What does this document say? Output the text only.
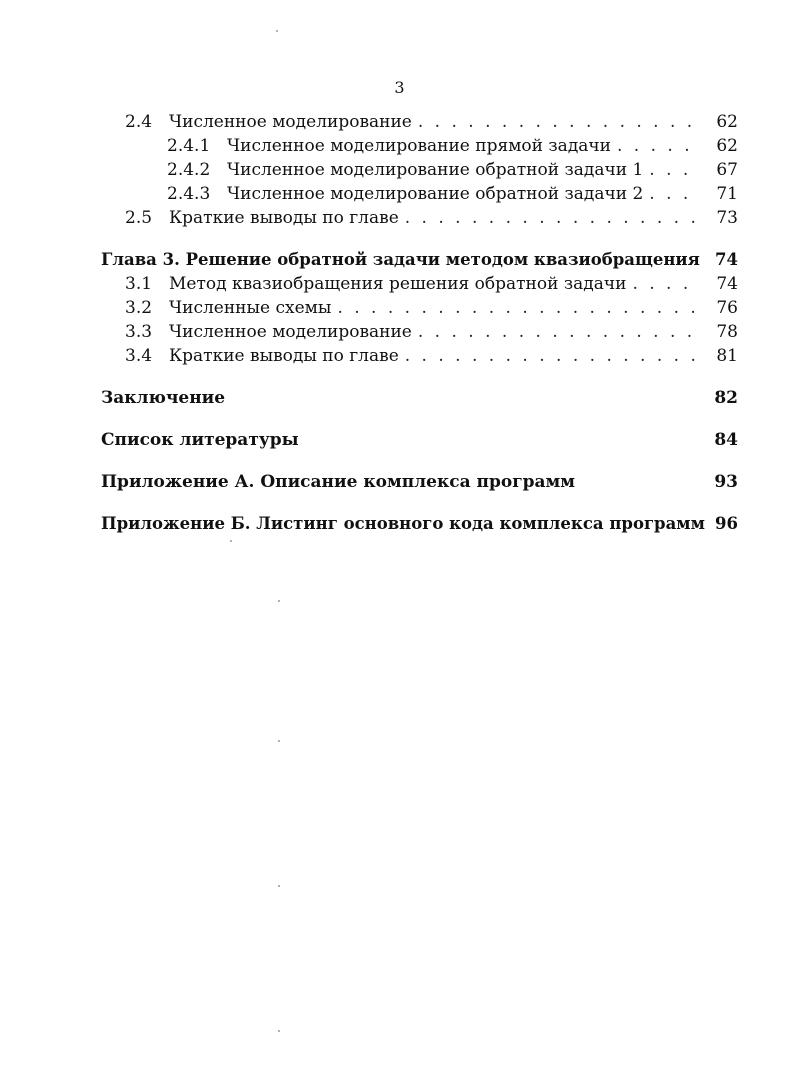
3
2.4 Численное моделирование . . .	62
2.4.1 Численное моделирование прямой задачи . . .	62
2.4.2 Численное моделирование обратной задачи 1 . . .	67
2.4.3 Численное моделирование обратной задачи 2 . . .	71
2.5 Краткие выводы по главе . . .	73
Глава 3. Решение обратной задачи методом квазиобращения 74
3.1 Метод квазиобращения решения обратной задачи . . .	74
3.2 Численные схемы . . .	76
3.3 Численное моделирование . . .	78
3.4 Краткие выводы по главе . . .	81
Заключение	82
Список литературы	84
Приложение А. Описание комплекса программ	93
Приложение Б. Листинг основного кода комплекса программ 96
